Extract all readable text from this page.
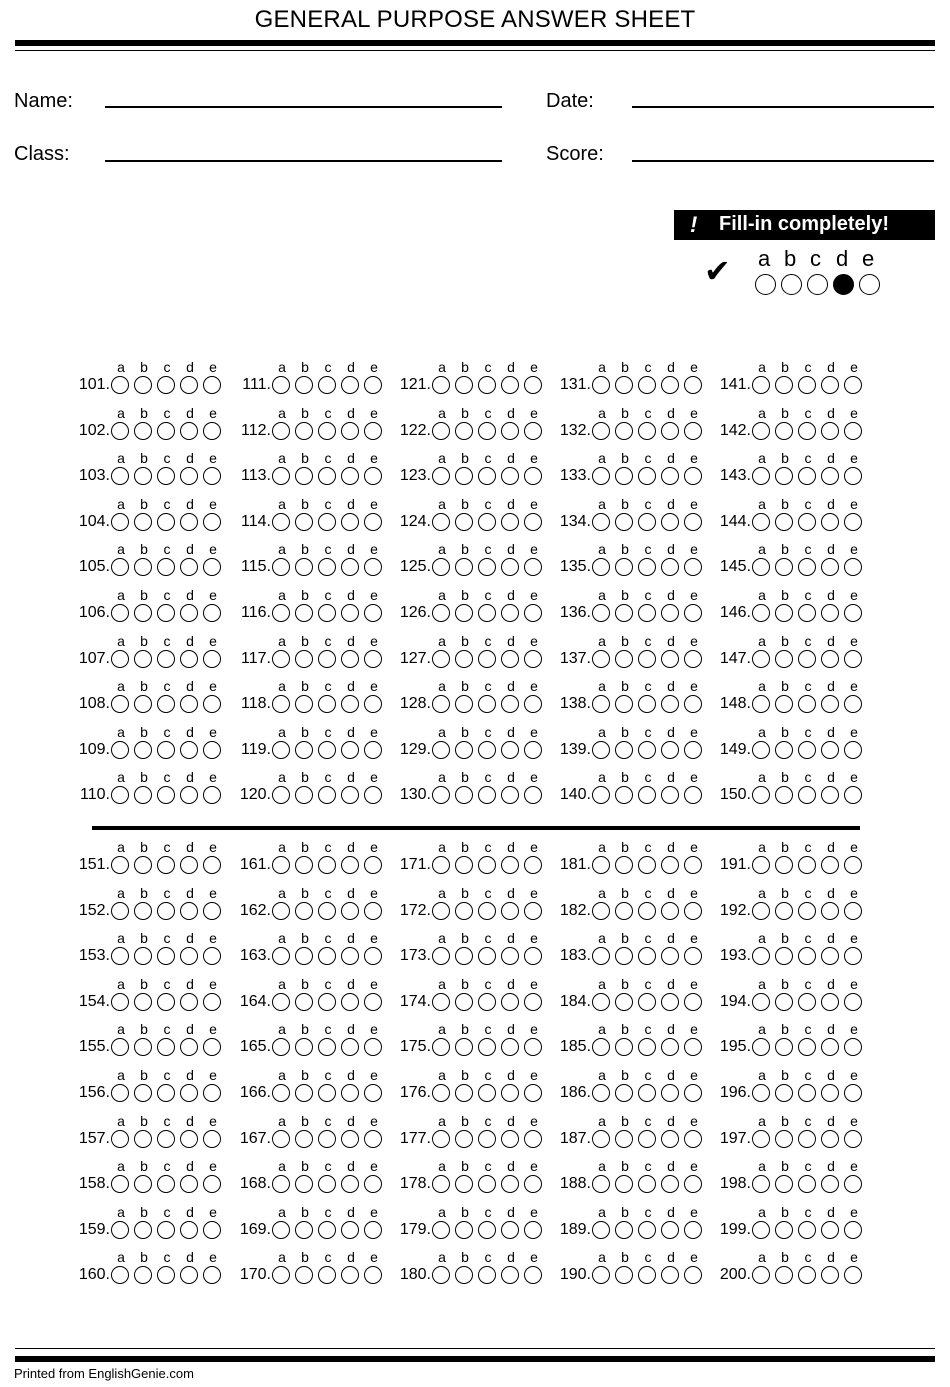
GENERAL PURPOSE ANSWER SHEET
Name:	Date:
Class:	Score:
! Fill-in completely!
✔ a b c d e
101.
a	b	c	d	e
102.
a	b	c	d	e
103.
a	b	c	d	e
104.
a	b	c	d	e
105.
a	b	c	d	e
106.
a	b	c	d	e
107.
a	b	c	d	e
108.
a	b	c	d	e
109.
a	b	c	d	e
110.
a	b	c	d	e
111.
a	b	c	d	e
112.
a	b	c	d	e
113.
a	b	c	d	e
114.
a	b	c	d	e
115.
a	b	c	d	e
116.
a	b	c	d	e
117.
a	b	c	d	e
118.
a	b	c	d	e
119.
a	b	c	d	e
120.
a	b	c	d	e
121.
a	b	c	d	e
122.
a	b	c	d	e
123.
a	b	c	d	e
124.
a	b	c	d	e
125.
a	b	c	d	e
126.
a	b	c	d	e
127.
a	b	c	d	e
128.
a	b	c	d	e
129.
a	b	c	d	e
130.
a	b	c	d	e
131.
a	b	c	d	e
132.
a	b	c	d	e
133.
a	b	c	d	e
134.
a	b	c	d	e
135.
a	b	c	d	e
136.
a	b	c	d	e
137.
a	b	c	d	e
138.
a	b	c	d	e
139.
a	b	c	d	e
140.
a	b	c	d	e
141.
a	b	c	d	e
142.
a	b	c	d	e
143.
a	b	c	d	e
144.
a	b	c	d	e
145.
a	b	c	d	e
146.
a	b	c	d	e
147.
a	b	c	d	e
148.
a	b	c	d	e
149.
a	b	c	d	e
150.
a	b	c	d	e
151.
a	b	c	d	e
152.
a	b	c	d	e
153.
a	b	c	d	e
154.
a	b	c	d	e
155.
a	b	c	d	e
156.
a	b	c	d	e
157.
a	b	c	d	e
158.
a	b	c	d	e
159.
a	b	c	d	e
160.
a	b	c	d	e
161.
a	b	c	d	e
162.
a	b	c	d	e
163.
a	b	c	d	e
164.
a	b	c	d	e
165.
a	b	c	d	e
166.
a	b	c	d	e
167.
a	b	c	d	e
168.
a	b	c	d	e
169.
a	b	c	d	e
170.
a	b	c	d	e
171.
a	b	c	d	e
172.
a	b	c	d	e
173.
a	b	c	d	e
174.
a	b	c	d	e
175.
a	b	c	d	e
176.
a	b	c	d	e
177.
a	b	c	d	e
178.
a	b	c	d	e
179.
a	b	c	d	e
180.
a	b	c	d	e
181.
a	b	c	d	e
182.
a	b	c	d	e
183.
a	b	c	d	e
184.
a	b	c	d	e
185.
a	b	c	d	e
186.
a	b	c	d	e
187.
a	b	c	d	e
188.
a	b	c	d	e
189.
a	b	c	d	e
190.
a	b	c	d	e
191.
a	b	c	d	e
192.
a	b	c	d	e
193.
a	b	c	d	e
194.
a	b	c	d	e
195.
a	b	c	d	e
196.
a	b	c	d	e
197.
a	b	c	d	e
198.
a	b	c	d	e
199.
a	b	c	d	e
200.
a	b	c	d	e
Printed from EnglishGenie.com
